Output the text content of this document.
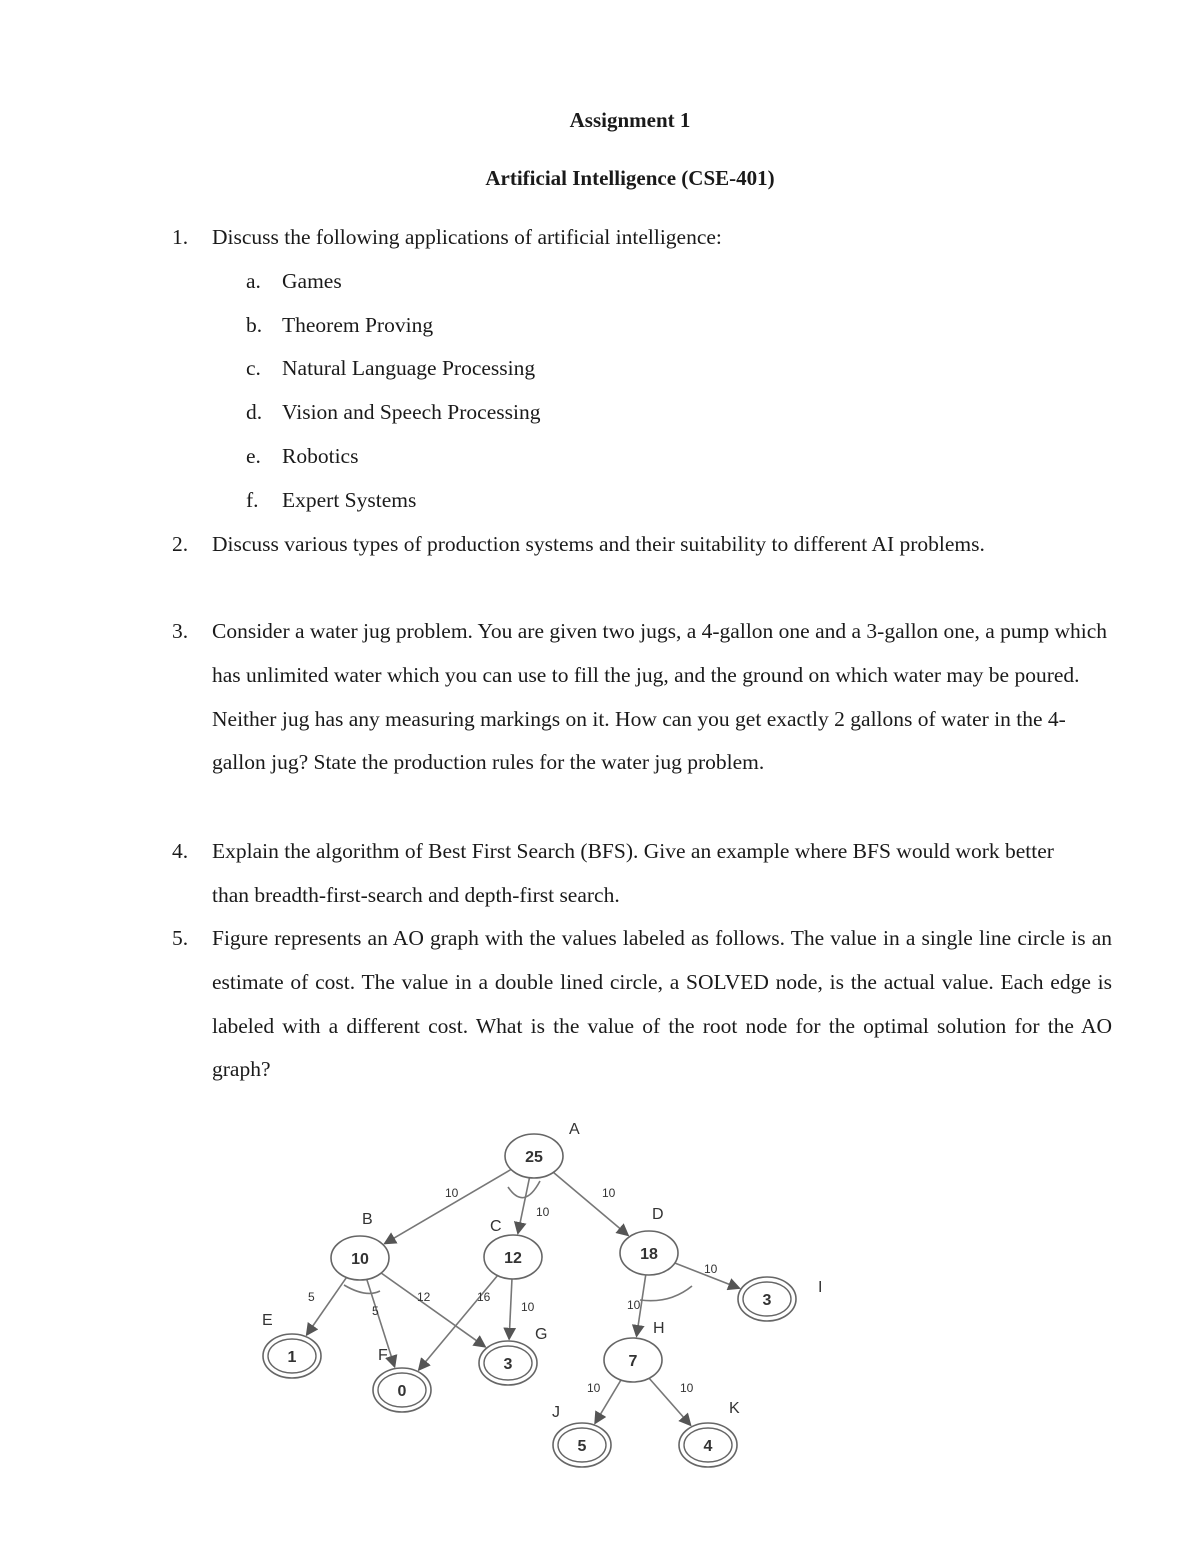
Assignment 1
Artificial Intelligence (CSE-401)
1. Discuss the following applications of artificial intelligence:
a. Games
b. Theorem Proving
c. Natural Language Processing
d. Vision and Speech Processing
e. Robotics
f. Expert Systems
2. Discuss various types of production systems and their suitability to different AI problems.
3. Consider a water jug problem. You are given two jugs, a 4-gallon one and a 3-gallon one, a pump which has unlimited water which you can use to fill the jug, and the ground on which water may be poured. Neither jug has any measuring markings on it. How can you get exactly 2 gallons of water in the 4-gallon jug? State the production rules for the water jug problem.
4. Explain the algorithm of Best First Search (BFS). Give an example where BFS would work better than breadth-first-search and depth-first search.
5. Figure represents an AO graph with the values labeled as follows. The value in a single line circle is an estimate of cost. The value in a double lined circle, a SOLVED node, is the actual value. Each edge is labeled with a different cost. What is the value of the root node for the optimal solution for the AO graph?
10
10
10
5
5
12	16
10	10
10
10	10
25
A
10
B
12
C
18
D
1
E
0
F
3
G
7
H
3
I
5
J
4
K
